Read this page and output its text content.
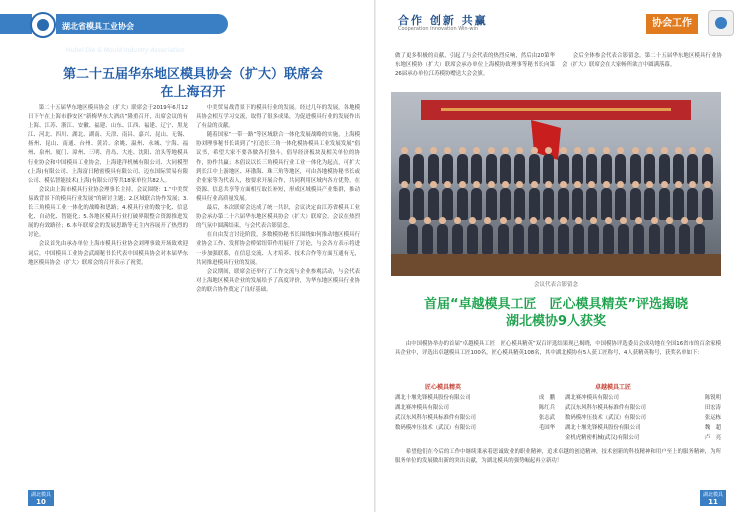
湖北省模具工业协会 Hubei Die & Mould Industry Association
合作 创新 共赢
Cooperation Innovation Win-win	协会工作
第二十五届华东地区模具协会（扩大）联席会
在上海召开

第二十五届华东地区模具协会（扩大）联席会于2019年6月12日下午在上海市静安区“新梅华东大酒店”隆重召开，出席会议的有上海、江苏、浙江、安徽、福建、山东、江西、福建、辽宁、黑龙江、河北、四川、湖北、湖南、天津、南昌、嘉兴、昆山、无锡、扬州、昆山、南通、台州、黄岩、余姚、温州、永城、宁海、福州、泉州、厦门、漳州、三明、青岛、大连、沈阳、泊头等地模具行业协会和中国模具工业协会，上海建洋机械有限公司、大同模塑(上海)有限公司、上海富日精密模具有限公司、迈东国际贸易有限公司、模弘智能技术(上海)有限公司等共18家单位共82人。

会议由上海市模具行业协会理事长主持，会议围绕：1.“中美贸易战背景下的模具行业发展”的研讨主题；2.区域联合协作发展；3.长三角模具工业一体化的战略和思路；4.模具行业的数字化、信息化、自动化、智能化；5.各地区模具行业打破界限整合资源推进发展的有效路径；6.本年联席会的发展思路等无主内容展开了热烈的讨论。

会议首先由承办单位上海市模具行业协会刘理事致开场致欢迎词后，中国模具工业协会武副秘书长代表中国模具协会对本届华东地区模具协会（扩大）联席会的召开表示了祝贺。

中美贸易战背景下的模具行业的发展。经过几年的发展，各地模具协会相互学习交流，取得了很多成果，为促进模具行业的发展作出了有益的贡献。

随着国家“一带一路”等区域联合一体化发展战略的实施，上海模协刘理事秘书长谈到了“打造长三角一体化模协模具工业发展发展”倡议书，希望大家不要各做各打独斗，倡导经济板块及相关单位的协作，协作共赢；本倡议以长三角模具行业工业一体化为起点，可扩大到长江中上游地区、环渤海、珠三角等地区，可由各地模协秘书长或企业家等为代表人，按要求开展合作，共同利用区域内各方优势，在资源、信息共享等方面相互取长补短，形成区域模具产业集群，推动模具行业高质量发展。

最后，本次联席会达成了统一共识，会议决定由江苏省模具工业协会承办第二十六届华东地区模具协会（扩大）联席会。会议在热烈的气氛中圆满结束，与会代表合影留念。

在自由发言讨论阶段，多数模协秘书长围绕如何推动地区模具行业协会工作、发挥协会桥梁纽带作用展开了讨论，与会各方表示将进一步加强联系，在信息交流、人才培养、技术合作等方面互通有无，共同推进模具行业的发展。

会议期间，联席会还举行了工作交流与企业参观活动，与会代表对上海地区模具企业的发展给予了高度评价，为华东地区模具行业协会的联合协作奠定了良好基础。

做了更多积极的贡献，引起了与会代表的热烈反响，然后由20第华东地区模协（扩大）联席会承办单位上海模协致理事等秘书长向第26届承办单位江苏模协赠送大会会旗。

会后全体参会代表合影留念。第二十五届华东地区模具行业协会（扩大）联席会在大家畅所欲言中圆满落幕。

会议代表合影留念
首届“卓越模具工匠　匠心模具精英”评选揭晓
湖北模协9人获奖

由中国模协举办的首届“卓越模具工匠　匠心模具精英”双百评选结果现已揭晓，中国模协评选委员会成功地在全国16省市的百余家模具企业中，评选出卓越模具工匠100名，匠心模具精英108名，其中湖北模协有5人获工匠称号，4人获精英称号，获奖名单如下：

匠心模具精英	卓越模具工匠
湖北十堰先锋模具股份有限公司	成　鹏
湖北赛冲模具有限公司	陈红兵
武汉东风科尔模具标准件有限公司	张志武
数码模冲压技术（武汉）有限公司	毛国华
湖北赛冲模具有限公司	陈锐明
武汉东风科尔模具标准件有限公司	田宏涛
数码模冲压技术（武汉）有限公司	张运栋
湖北十堰先锋模具股份有限公司	魏　超
金机虎精密机械(武汉)有限公司	卢　亮

希望他们在今后的工作中继续秉承着思诚致业的职业精神，追求卓越的创造精神，技术创新的科技精神和用户至上的服务精神，为所服务单位的发展做出新的突出贡献，为湖北模具的强势崛起再立新功！

湖北模具
10
湖北模具
11
